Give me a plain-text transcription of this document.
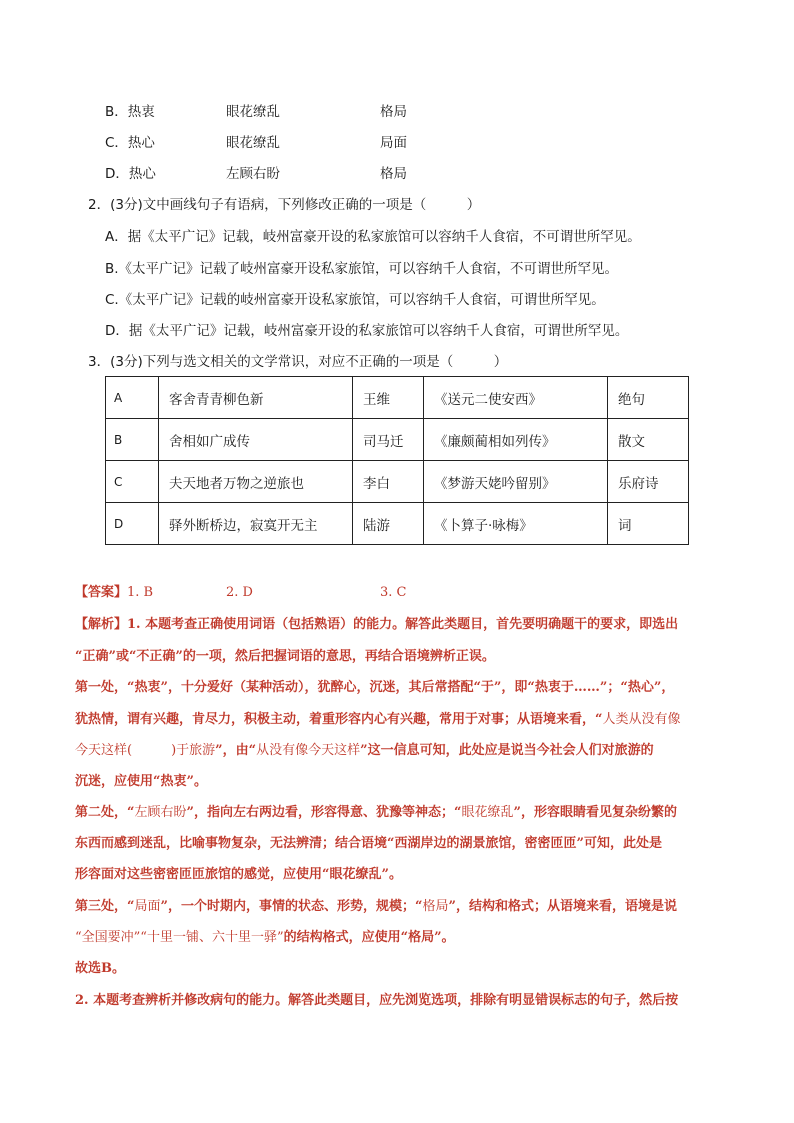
B．热衷	眼花缭乱	格局
C．热心	眼花缭乱	局面
D．热心	左顾右盼	格局
2．(3分)文中画线句子有语病，下列修改正确的一项是（　　　）
A．据《太平广记》记载，岐州富豪开设的私家旅馆可以容纳千人食宿，不可谓世所罕见。
B.《太平广记》记载了岐州富豪开设私家旅馆，可以容纳千人食宿，不可谓世所罕见。
C.《太平广记》记载的岐州富豪开设私家旅馆，可以容纳千人食宿，可谓世所罕见。
D．据《太平广记》记载，岐州富豪开设的私家旅馆可以容纳千人食宿，可谓世所罕见。
3．(3分)下列与选文相关的文学常识，对应不正确的一项是（　　　）
A	客舍青青柳色新	王维	《送元二使安西》	绝句
B	舍相如广成传	司马迁	《廉颇蔺相如列传》	散文
C	夫天地者万物之逆旅也	李白	《梦游天姥吟留别》	乐府诗
D	驿外断桥边，寂寞开无主	陆游	《卜算子·咏梅》	词
【答案】1. B	2. D	3. C
【解析】1. 本题考查正确使用词语（包括熟语）的能力。解答此类题目，首先要明确题干的要求，即选出
“正确”或“不正确”的一项，然后把握词语的意思，再结合语境辨析正误。
第一处，“热衷”，十分爱好（某种活动），犹醉心，沉迷，其后常搭配“于”，即“热衷于……”；“热心”，
犹热情，谓有兴趣，肯尽力，积极主动，着重形容内心有兴趣，常用于对事；从语境来看，“人类从没有像
今天这样(　　　)于旅游”，由“从没有像今天这样”这一信息可知，此处应是说当今社会人们对旅游的
沉迷，应使用“热衷”。
第二处，“左顾右盼”，指向左右两边看，形容得意、犹豫等神态；“眼花缭乱”，形容眼睛看见复杂纷繁的
东西而感到迷乱，比喻事物复杂，无法辨清；结合语境“西湖岸边的湖景旅馆，密密匝匝”可知，此处是
形容面对这些密密匝匝旅馆的感觉，应使用“眼花缭乱”。
第三处，“局面”，一个时期内，事情的状态、形势，规模；“格局”，结构和格式；从语境来看，语境是说
“全国要冲”“十里一铺、六十里一驿”的结构格式，应使用“格局”。
故选B。
2. 本题考查辨析并修改病句的能力。解答此类题目，应先浏览选项，排除有明显错误标志的句子，然后按
